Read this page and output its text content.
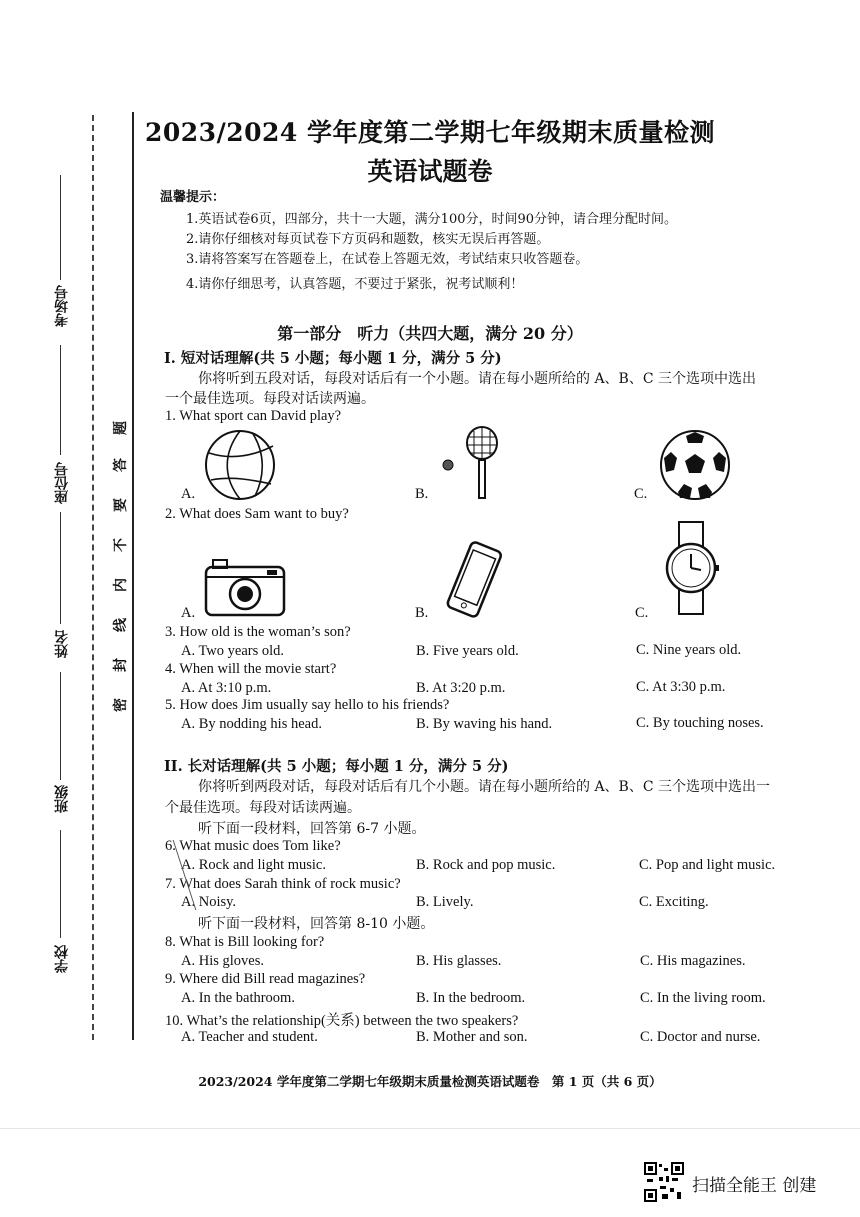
考场号
座位号
姓名
班级
学校
密
封
线
内
不
要
答
题
2023/2024 学年度第二学期七年级期末质量检测
英语试题卷
温馨提示：
1.英语试卷6页，四部分，共十一大题，满分100分，时间90分钟，请合理分配时间。
2.请你仔细核对每页试卷下方页码和题数，核实无误后再答题。
3.请将答案写在答题卷上，在试卷上答题无效，考试结束只收答题卷。
4.请你仔细思考，认真答题，不要过于紧张，祝考试顺利！
第一部分　听力（共四大题，满分 20 分）
I. 短对话理解(共 5 小题；每小题 1 分，满分 5 分)
你将听到五段对话，每段对话后有一个小题。请在每小题所给的 A、B、C 三个选项中选出
一个最佳选项。每段对话读两遍。
1. What sport can David play?
A.	B.	C.
2. What does Sam want to buy?
A.	B.	C.
3. How old is the woman’s son?
A. Two years old.	B. Five years old.	C. Nine years old.
4. When will the movie start?
A. At 3:10 p.m.	B. At 3:20 p.m.	C. At 3:30 p.m.
5. How does Jim usually say hello to his friends?
A. By nodding his head.	B. By waving his hand.	C. By touching noses.
II. 长对话理解(共 5 小题；每小题 1 分，满分 5 分)
你将听到两段对话，每段对话后有几个小题。请在每小题所给的 A、B、C 三个选项中选出一
个最佳选项。每段对话读两遍。
听下面一段材料，回答第 6-7 小题。
6. What music does Tom like?
A. Rock and light music.	B. Rock and pop music.	C. Pop and light music.
7. What does Sarah think of rock music?
A. Noisy.	B. Lively.	C. Exciting.
听下面一段材料，回答第 8-10 小题。
8. What is Bill looking for?
A. His gloves.	B. His glasses.	C. His magazines.
9. Where did Bill read magazines?
A. In the bathroom.	B. In the bedroom.	C. In the living room.
10. What’s the relationship(关系) between the two speakers?
A. Teacher and student.	B. Mother and son.	C. Doctor and nurse.
2023/2024 学年度第二学期七年级期末质量检测英语试题卷　第 1 页（共 6 页）
扫描全能王 创建
